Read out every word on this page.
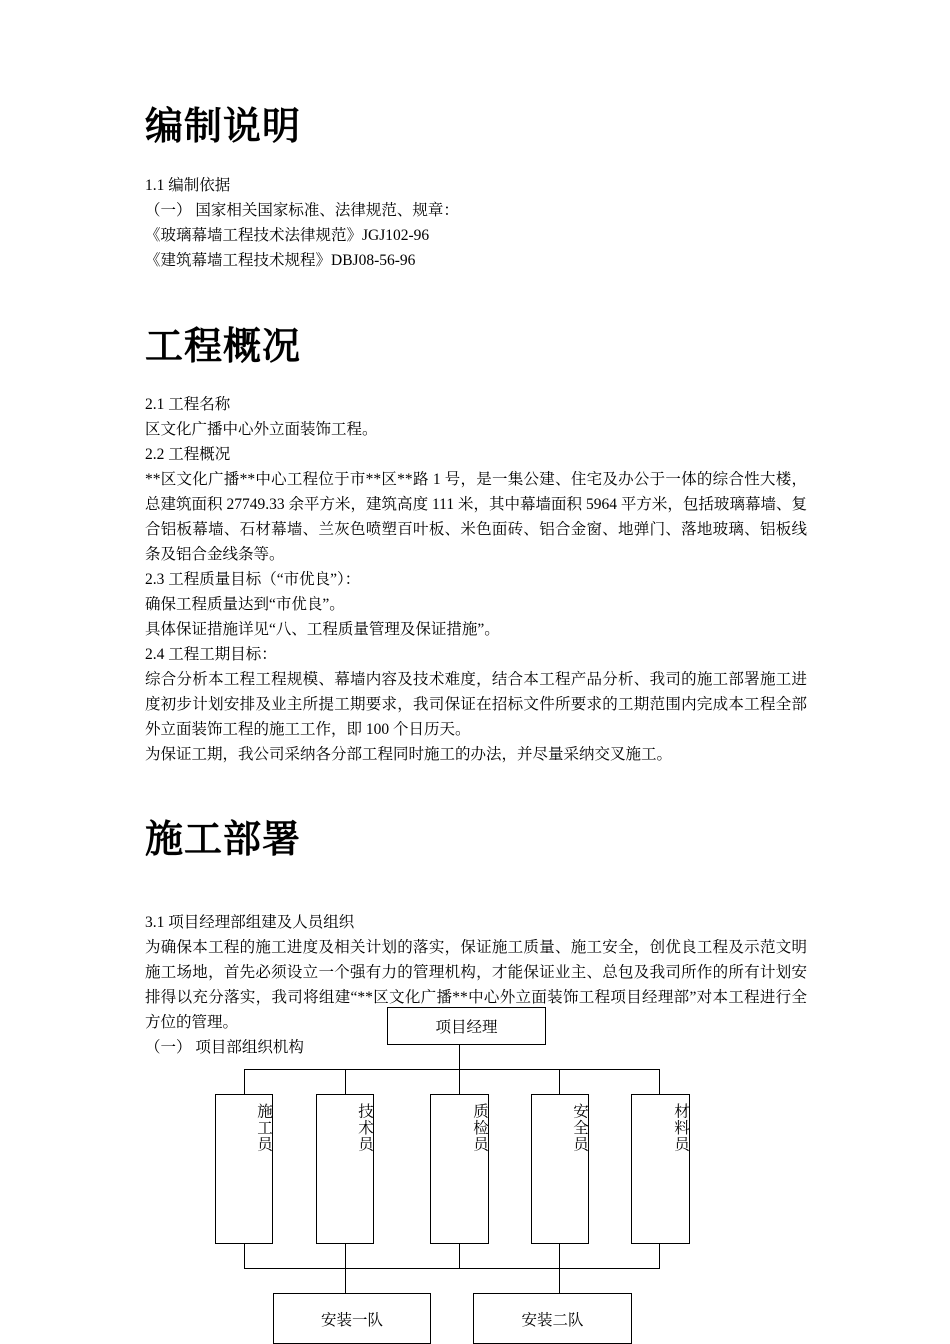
编制说明
1.1 编制依据
（一） 国家相关国家标准、法律规范、规章：
《玻璃幕墙工程技术法律规范》JGJ102-96
《建筑幕墙工程技术规程》DBJ08-56-96
工程概况
2.1 工程名称
区文化广播中心外立面装饰工程。
2.2 工程概况
**区文化广播**中心工程位于市**区**路 1 号，是一集公建、住宅及办公于一体的综合性大楼，总建筑面积 27749.33 余平方米，建筑高度 111 米，其中幕墙面积 5964 平方米，包括玻璃幕墙、复合铝板幕墙、石材幕墙、兰灰色喷塑百叶板、米色面砖、铝合金窗、地弹门、落地玻璃、铝板线条及铝合金线条等。
2.3 工程质量目标（“市优良”）：
确保工程质量达到“市优良”。
具体保证措施详见“八、工程质量管理及保证措施”。
2.4 工程工期目标：
综合分析本工程工程规模、幕墙内容及技术难度，结合本工程产品分析、我司的施工部署施工进度初步计划安排及业主所提工期要求，我司保证在招标文件所要求的工期范围内完成本工程全部外立面装饰工程的施工工作，即 100 个日历天。
为保证工期，我公司采纳各分部工程同时施工的办法，并尽量采纳交叉施工。
施工部署
3.1 项目经理部组建及人员组织
为确保本工程的施工进度及相关计划的落实，保证施工质量、施工安全，创优良工程及示范文明施工场地，首先必须设立一个强有力的管理机构，才能保证业主、总包及我司所作的所有计划安排得以充分落实，我司将组建“**区文化广播**中心外立面装饰工程项目经理部”对本工程进行全方位的管理。
（一） 项目部组织机构
项目经理
施工员	技术员	质检员	安全员	材料员
安装一队	安装二队
